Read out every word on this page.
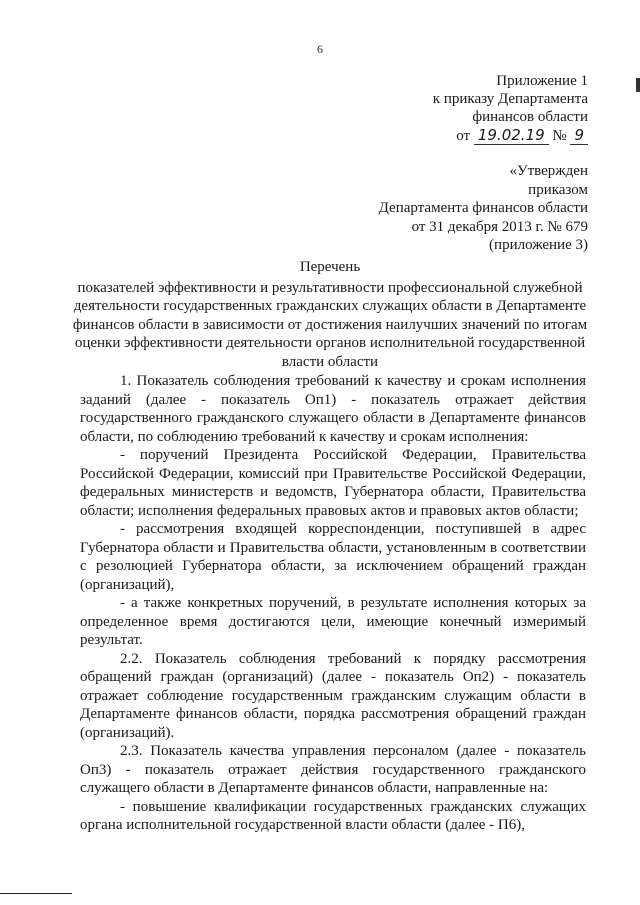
6
Приложение 1
к приказу Департамента
финансов области
от 19.02.19 № 9
«Утвержден
приказом
Департамента финансов области
от 31 декабря 2013 г. № 679
(приложение 3)
Перечень
показателей эффективности и результативности профессиональной служебной деятельности государственных гражданских служащих области в Департаменте финансов области в зависимости от достижения наилучших значений по итогам оценки эффективности деятельности органов исполнительной государственной власти области

1. Показатель соблюдения требований к качеству и срокам исполнения заданий (далее - показатель Оп1) - показатель отражает действия государственного гражданского служащего области в Департаменте финансов области, по соблюдению требований к качеству и срокам исполнения:

- поручений Президента Российской Федерации, Правительства Российской Федерации, комиссий при Правительстве Российской Федерации, федеральных министерств и ведомств, Губернатора области, Правительства области; исполнения федеральных правовых актов и правовых актов области;

- рассмотрения входящей корреспонденции, поступившей в адрес Губернатора области и Правительства области, установленным в соответствии с резолюцией Губернатора области, за исключением обращений граждан (организаций),

- а также конкретных поручений, в результате исполнения которых за определенное время достигаются цели, имеющие конечный измеримый результат.

2.2. Показатель соблюдения требований к порядку рассмотрения обращений граждан (организаций) (далее - показатель Оп2) - показатель отражает соблюдение государственным гражданским служащим области в Департаменте финансов области, порядка рассмотрения обращений граждан (организаций).

2.3. Показатель качества управления персоналом (далее - показатель Оп3) - показатель отражает действия государственного гражданского служащего области в Департаменте финансов области, направленные на:

- повышение квалификации государственных гражданских служащих органа исполнительной государственной власти области (далее - П6),
